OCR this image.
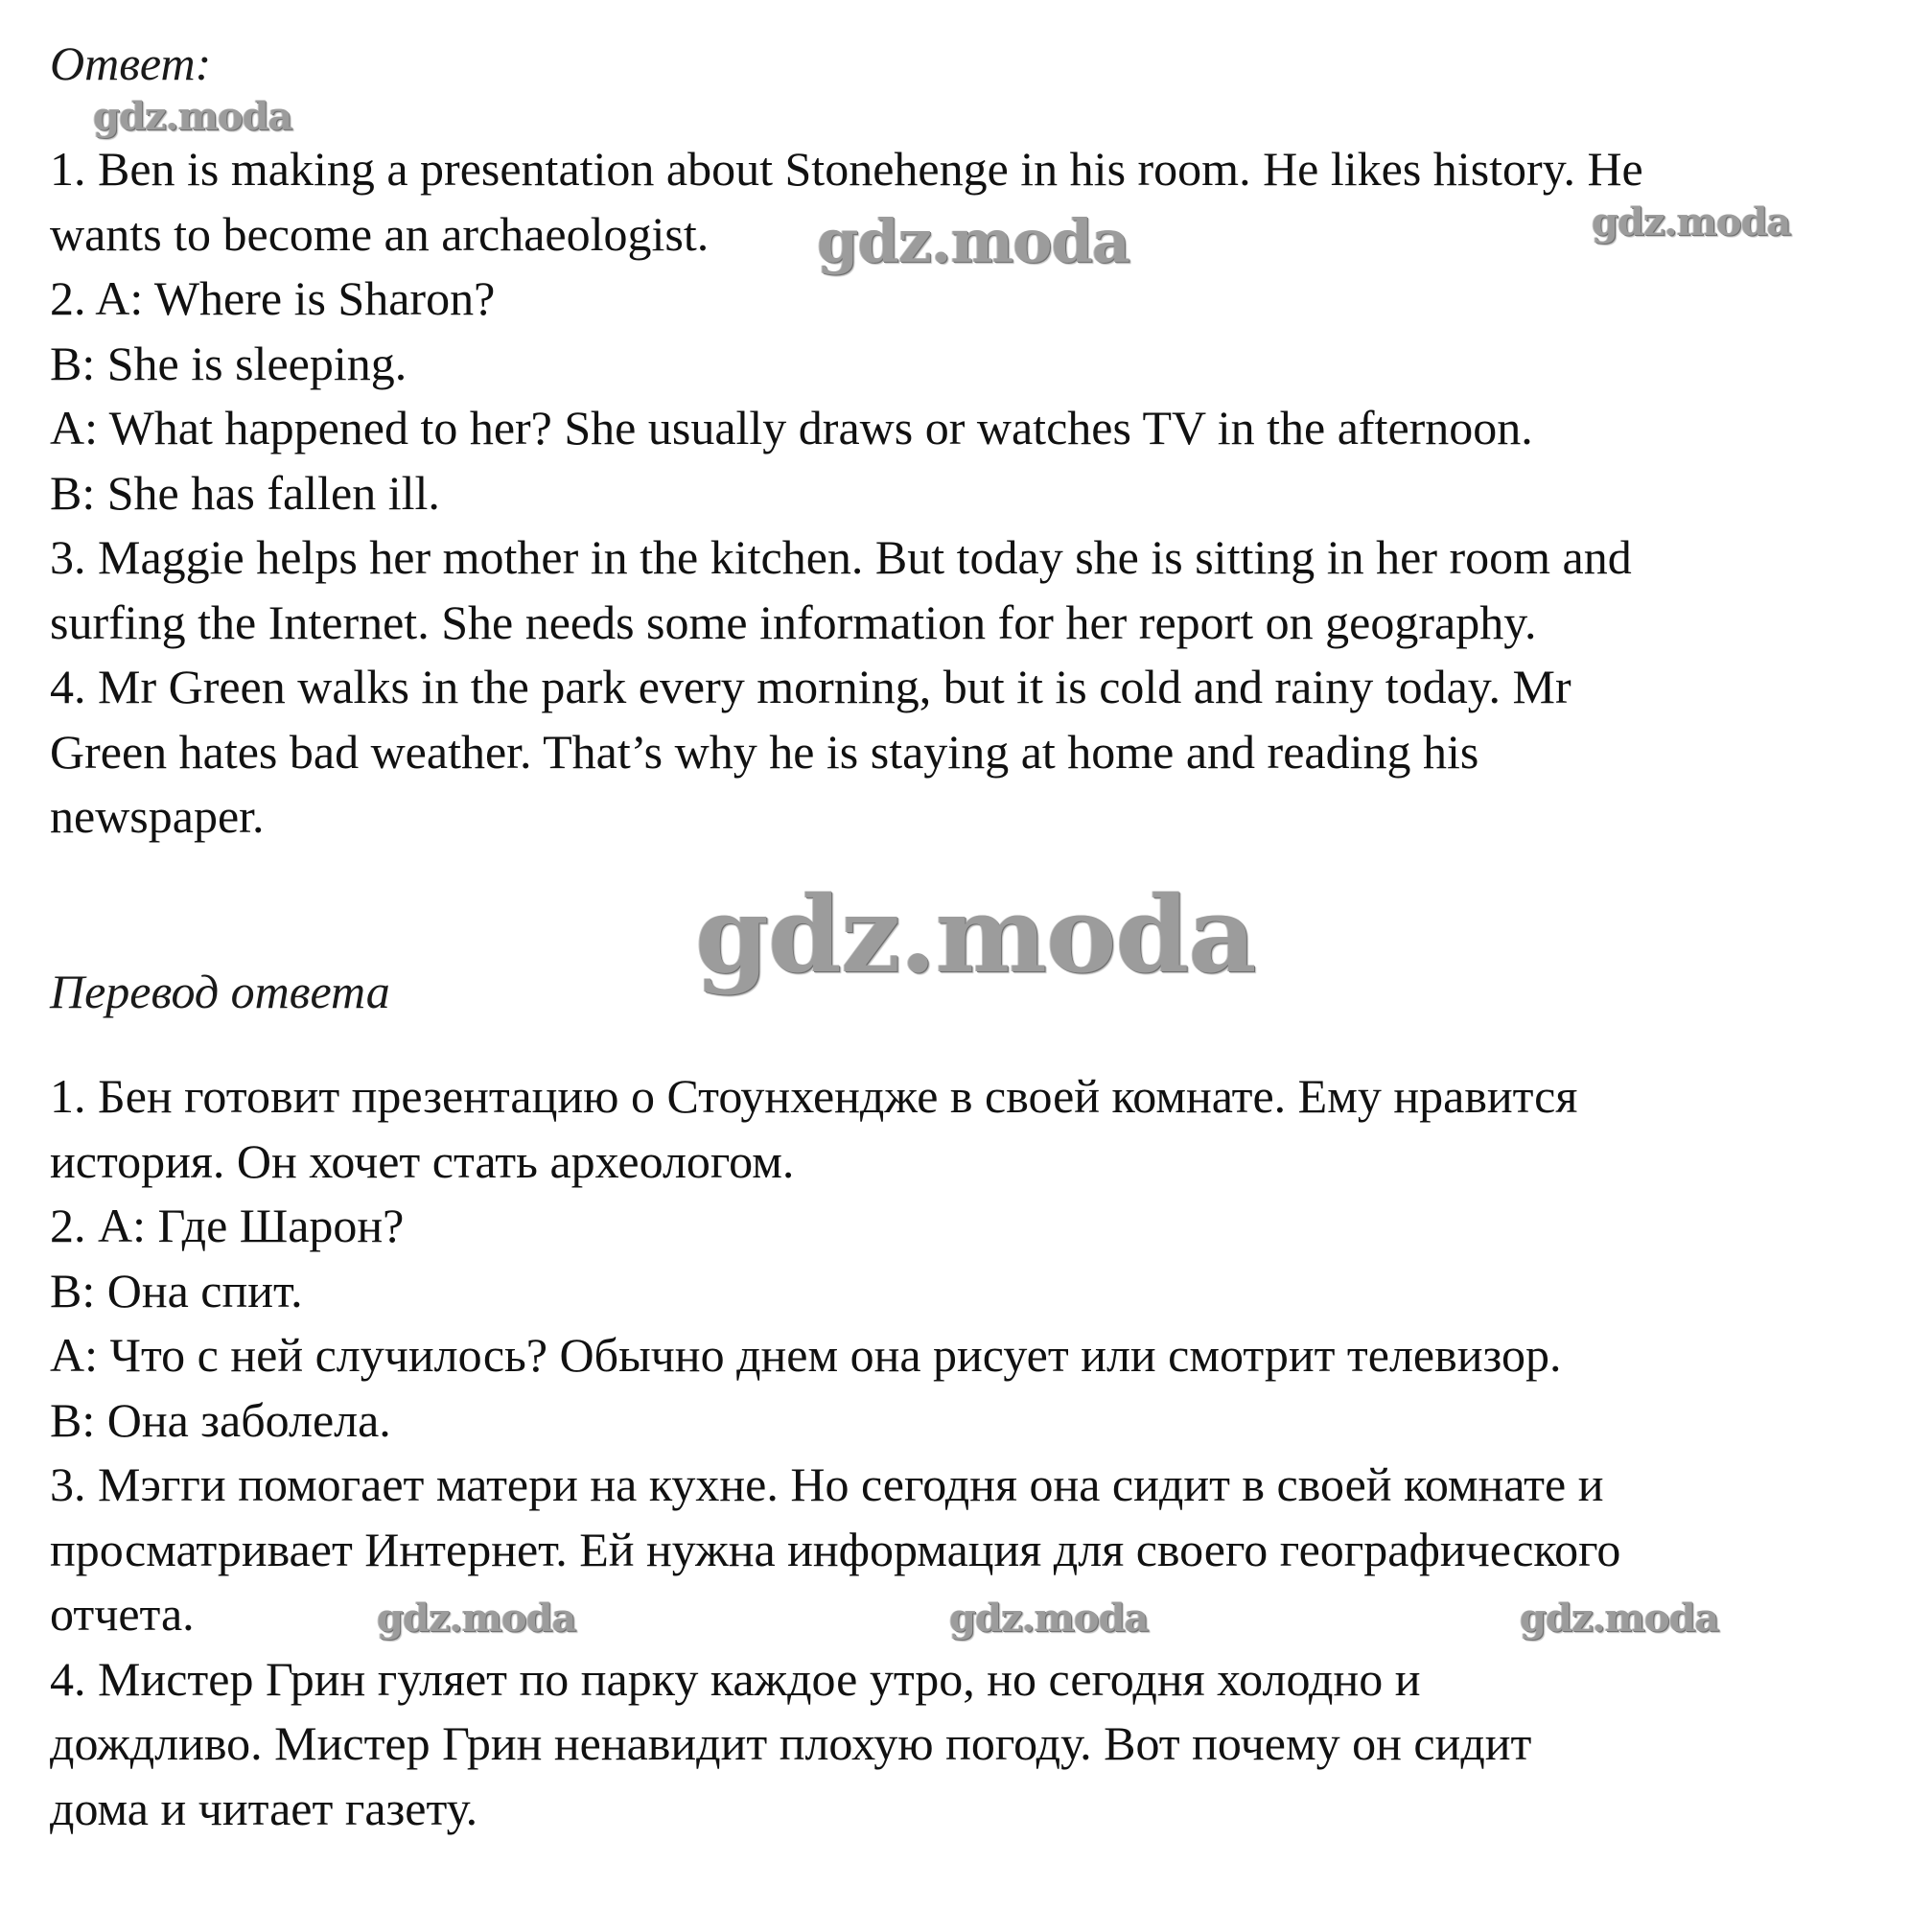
Ответ:
1. Ben is making a presentation about Stonehenge in his room. He likes history. He
wants to become an archaeologist.
2. A: Where is Sharon?
B: She is sleeping.
A: What happened to her? She usually draws or watches TV in the afternoon.
B: She has fallen ill.
3. Maggie helps her mother in the kitchen. But today she is sitting in her room and
surfing the Internet. She needs some information for her report on geography.
4. Mr Green walks in the park every morning, but it is cold and rainy today. Mr
Green hates bad weather. That’s why he is staying at home and reading his
newspaper.
Перевод ответа
1. Бен готовит презентацию о Стоунхендже в своей комнате. Ему нравится
история. Он хочет стать археологом.
2. А: Где Шарон?
В: Она спит.
А: Что с ней случилось? Обычно днем она рисует или смотрит телевизор.
В: Она заболела.
3. Мэгги помогает матери на кухне. Но сегодня она сидит в своей комнате и
просматривает Интернет. Ей нужна информация для своего географического
отчета.
4. Мистер Грин гуляет по парку каждое утро, но сегодня холодно и
дождливо. Мистер Грин ненавидит плохую погоду. Вот почему он сидит
дома и читает газету.
gdz.moda
gdz.moda	gdz.moda
gdz.moda
gdz.moda	gdz.moda	gdz.moda
